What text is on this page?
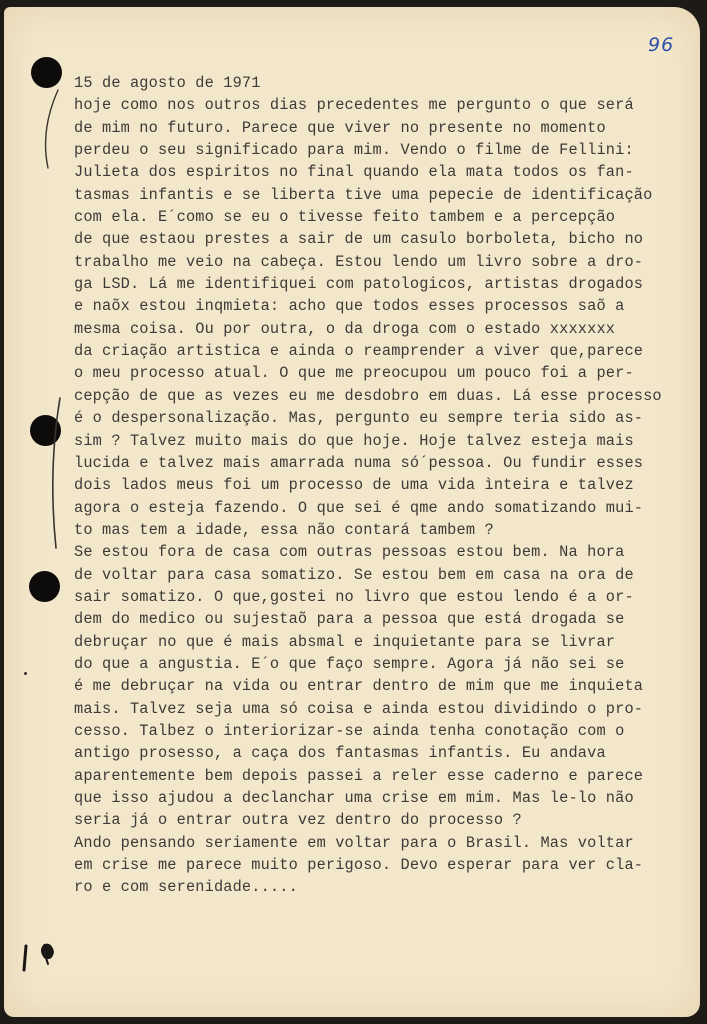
96
15 de agosto de 1971
hoje como nos outros dias precedentes me pergunto o que será
de mim no futuro. Parece que viver no presente no momento
perdeu o seu significado para mim. Vendo o filme de Fellini:
Julieta dos espiritos no final quando ela mata todos os fan-
tasmas infantis e se liberta tive uma pepecie de identificação
com ela. E´como se eu o tivesse feito tambem e a percepção
de que estaou prestes a sair de um casulo borboleta, bicho no
trabalho me veio na cabeça. Estou lendo um livro sobre a dro-
ga LSD. Lá me identifiquei com patologicos, artistas drogados
e naõx estou inqmieta: acho que todos esses processos saõ a
mesma coisa. Ou por outra, o da droga com o estado xxxxxxx
da criação artistica e ainda o reamprender a viver que,parece
o meu processo atual. O que me preocupou um pouco foi a per-
cepção de que as vezes eu me desdobro em duas. Lá esse processo
é o despersonalização. Mas, pergunto eu sempre teria sido as-
sim ? Talvez muito mais do que hoje. Hoje talvez esteja mais
lucida e talvez mais amarrada numa só´pessoa. Ou fundir esses
dois lados meus foi um processo de uma vida ìnteira e talvez
agora o esteja fazendo. O que sei é qme ando somatizando mui-
to mas tem a idade, essa não contará tambem ?
Se estou fora de casa com outras pessoas estou bem. Na hora
de voltar para casa somatizo. Se estou bem em casa na ora de
sair somatizo. O que,gostei no livro que estou lendo é a or-
dem do medico ou sujestaõ para a pessoa que está drogada se
debruçar no que é mais absmal e inquietante para se livrar
do que a angustia. E´o que faço sempre. Agora já não sei se
é me debruçar na vida ou entrar dentro de mim que me inquieta
mais. Talvez seja uma só coisa e ainda estou dividindo o pro-
cesso. Talbez o interiorizar-se ainda tenha conotação com o
antigo prosesso, a caça dos fantasmas infantis. Eu andava
aparentemente bem depois passei a reler esse caderno e parece
que isso ajudou a declanchar uma crise em mim. Mas le-lo não
seria já o entrar outra vez dentro do processo ?
Ando pensando seriamente em voltar para o Brasil. Mas voltar
em crise me parece muito perigoso. Devo esperar para ver cla-
ro e com serenidade.....
